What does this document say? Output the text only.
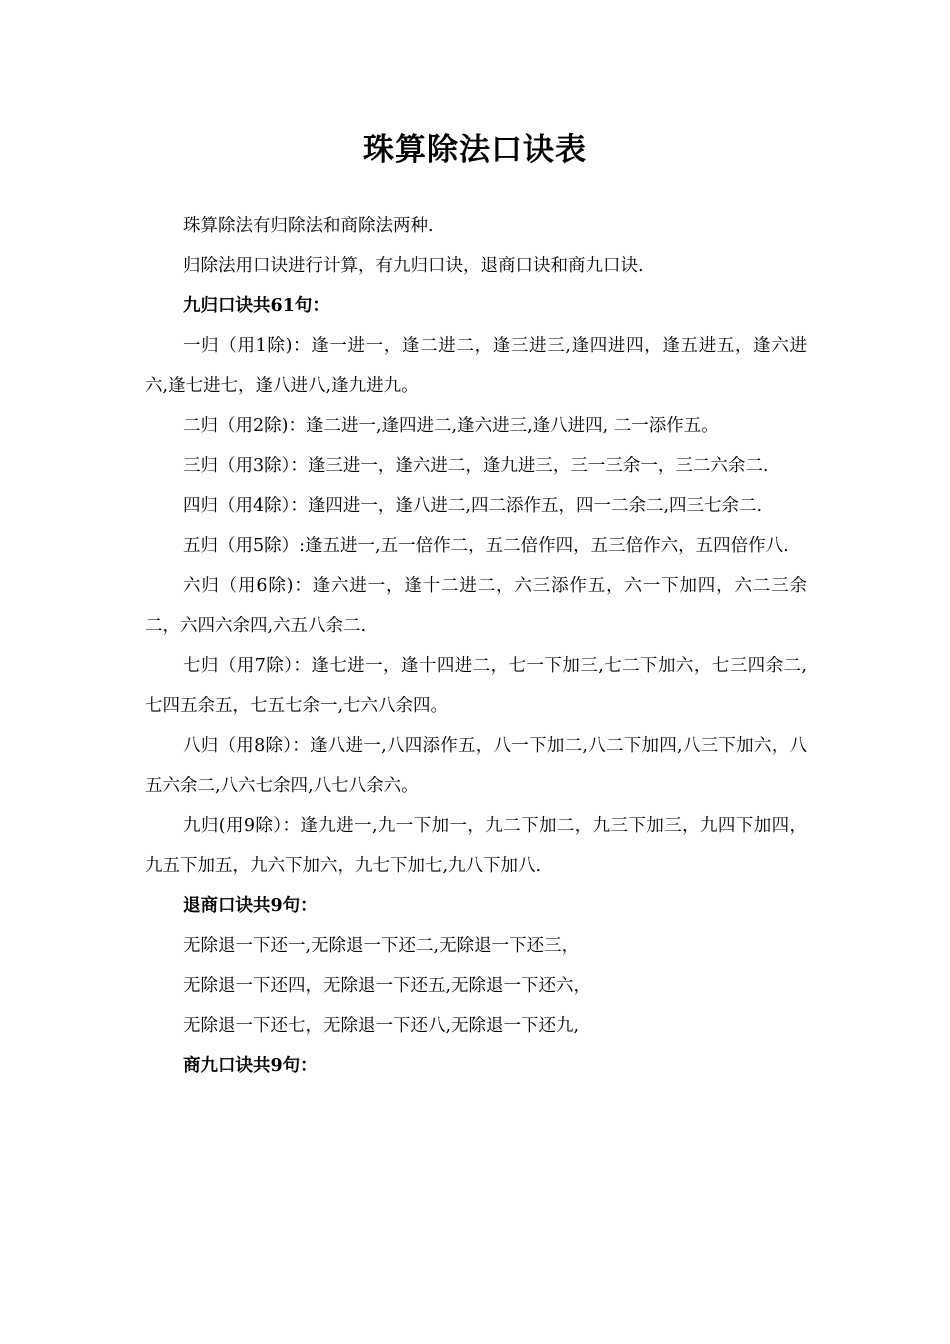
珠算除法口诀表

珠算除法有归除法和商除法两种.

归除法用口诀进行计算，有九归口诀，退商口诀和商九口诀.

九归口诀共61句：

一归（用1除)：逢一进一，逢二进二，逢三进三,逢四进四，逢五进五，逢六进六,逢七进七，逢八进八,逢九进九。

二归（用2除)：逢二进一,逢四进二,逢六进三,逢八进四, 二一添作五。

三归（用3除）：逢三进一，逢六进二，逢九进三，三一三余一，三二六余二.

四归（用4除）：逢四进一，逢八进二,四二添作五，四一二余二,四三七余二.

五归（用5除）:逢五进一,五一倍作二，五二倍作四，五三倍作六，五四倍作八.

六归（用6除)：逢六进一，逢十二进二，六三添作五，六一下加四，六二三余二，六四六余四,六五八余二.

七归（用7除）：逢七进一，逢十四进二，七一下加三,七二下加六，七三四余二,七四五余五，七五七余一,七六八余四。

八归（用8除）：逢八进一,八四添作五，八一下加二,八二下加四,八三下加六，八五六余二,八六七余四,八七八余六。

九归(用9除）：逢九进一,九一下加一，九二下加二，九三下加三，九四下加四，九五下加五，九六下加六，九七下加七,九八下加八.

退商口诀共9句：

无除退一下还一,无除退一下还二,无除退一下还三，

无除退一下还四，无除退一下还五,无除退一下还六，

无除退一下还七，无除退一下还八,无除退一下还九,

商九口诀共9句：
